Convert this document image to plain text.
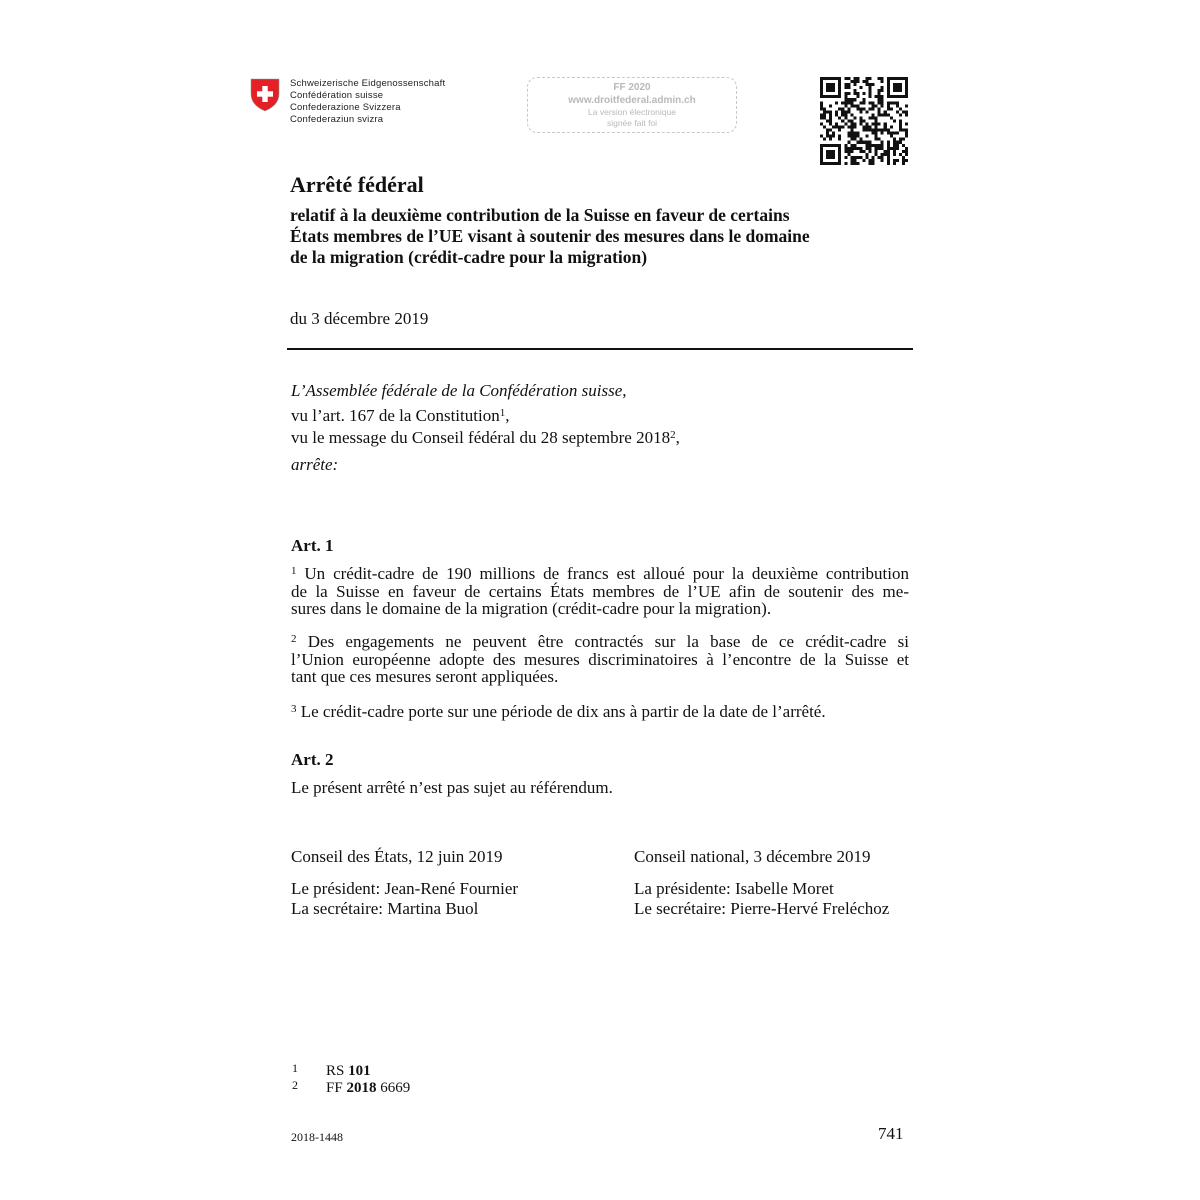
Schweizerische Eidgenossenschaft
Confédération suisse
Confederazione Svizzera
Confederaziun svizra
FF 2020
www.droitfederal.admin.ch
La version électronique
signée fait foi
Arrêté fédéral
relatif à la deuxième contribution de la Suisse en faveur de certains
États membres de l’UE visant à soutenir des mesures dans le domaine
de la migration (crédit-cadre pour la migration)
du 3 décembre 2019
L’Assemblée fédérale de la Confédération suisse,
vu l’art. 167 de la Constitution$^1$,
vu le message du Conseil fédéral du 28 septembre 2018$^2$,
arrête:
Art. 1
$^1$ Un crédit-cadre de 190 millions de francs est alloué pour la deuxième contribution
de la Suisse en faveur de certains États membres de l’UE afin de soutenir des me-
sures dans le domaine de la migration (crédit-cadre pour la migration).
$^2$ Des engagements ne peuvent être contractés sur la base de ce crédit-cadre si
l’Union européenne adopte des mesures discriminatoires à l’encontre de la Suisse et
tant que ces mesures seront appliquées.
$^3$ Le crédit-cadre porte sur une période de dix ans à partir de la date de l’arrêté.
Art. 2
Le présent arrêté n’est pas sujet au référendum.
Conseil des États, 12 juin 2019
Le président: Jean-René Fournier
La secrétaire: Martina Buol
Conseil national, 3 décembre 2019
La présidente: Isabelle Moret
Le secrétaire: Pierre-Hervé Freléchoz
1 RS 101
2 FF 2018 6669
2018-1448	741
